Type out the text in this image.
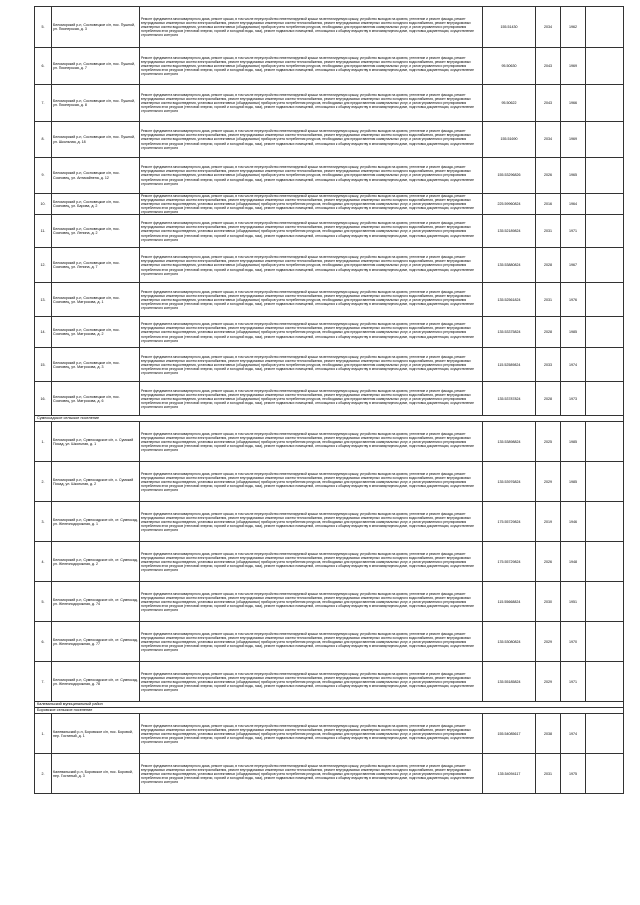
5.	Беломорский р-н, Сосновецкое с/п, пос. Пушной, ул. Пионерская, д. 3	Ремонт фундамента многоквартирного дома, ремонт крыши, в том числе переустройство невентилируемой крыши на вентилируемую крышу, устройство выходов на кровлю, утепление и ремонт фасада, ремонт внутридомовых инженерных систем электроснабжения, ремонт внутридомовых инженерных систем теплоснабжения, ремонт внутридомовых инженерных систем холодного водоснабжения, ремонт внутридомовых инженерных систем водоотведения, установка коллективных (общедомовых) приборов учета потребления ресурсов, необходимых для предоставления коммунальных услуг, и узлов управления и регулирования потребления этих ресурсов (тепловой энергии, горячей и холодной воды, газа), ремонт подвальных помещений, относящихся к общему имуществу в многоквартирном доме, подготовка документации, осуществление строительного контроля	155.51430	2034	1962	
6.	Беломорский р-н, Сосновецкое с/п, пос. Пушной, ул. Пионерская, д. 7	Ремонт фундамента многоквартирного дома, ремонт крыши, в том числе переустройство невентилируемой крыши на вентилируемую крышу, устройство выходов на кровлю, утепление и ремонт фасада, ремонт внутридомовых инженерных систем электроснабжения, ремонт внутридомовых инженерных систем теплоснабжения, ремонт внутридомовых инженерных систем холодного водоснабжения, ремонт внутридомовых инженерных систем водоотведения, установка коллективных (общедомовых) приборов учета потребления ресурсов, необходимых для предоставления коммунальных услуг, и узлов управления и регулирования потребления этих ресурсов (тепловой энергии, горячей и холодной воды, газа), ремонт подвальных помещений, относящихся к общему имуществу в многоквартирном доме, подготовка документации, осуществление строительного контроля	95.50630	2043	1969	
7.	Беломорский р-н, Сосновецкое с/п, пос. Пушной, ул. Пионерская, д. 8	Ремонт фундамента многоквартирного дома, ремонт крыши, в том числе переустройство невентилируемой крыши на вентилируемую крышу, устройство выходов на кровлю, утепление и ремонт фасада, ремонт внутридомовых инженерных систем электроснабжения, ремонт внутридомовых инженерных систем теплоснабжения, ремонт внутридомовых инженерных систем холодного водоснабжения, ремонт внутридомовых инженерных систем водоотведения, установка коллективных (общедомовых) приборов учета потребления ресурсов, необходимых для предоставления коммунальных услуг, и узлов управления и регулирования потребления этих ресурсов (тепловой энергии, горячей и холодной воды, газа), ремонт подвальных помещений, относящихся к общему имуществу в многоквартирном доме, подготовка документации, осуществление строительного контроля	95.50622	2043	1966	
8.	Беломорский р-н, Сосновецкое с/п, пос. Пушной, ул. Школьная, д. 18	Ремонт фундамента многоквартирного дома, ремонт крыши, в том числе переустройство невентилируемой крыши на вентилируемую крышу, устройство выходов на кровлю, утепление и ремонт фасада, ремонт внутридомовых инженерных систем электроснабжения, ремонт внутридомовых инженерных систем теплоснабжения, ремонт внутридомовых инженерных систем холодного водоснабжения, ремонт внутридомовых инженерных систем водоотведения, установка коллективных (общедомовых) приборов учета потребления ресурсов, необходимых для предоставления коммунальных услуг, и узлов управления и регулирования потребления этих ресурсов (тепловой энергии, горячей и холодной воды, газа), ремонт подвальных помещений, относящихся к общему имуществу в многоквартирном доме, подготовка документации, осуществление строительного контроля	155.51690	2034	1969	
9.	Беломорский р-н, Сосновецкое с/п, пос. Сосновец, ул. Антикайнена, д. 12	Ремонт фундамента многоквартирного дома, ремонт крыши, в том числе переустройство невентилируемой крыши на вентилируемую крышу, устройство выходов на кровлю, утепление и ремонт фасада, ремонт внутридомовых инженерных систем электроснабжения, ремонт внутридомовых инженерных систем теплоснабжения, ремонт внутридомовых инженерных систем холодного водоснабжения, ремонт внутридомовых инженерных систем водоотведения, установка коллективных (общедомовых) приборов учета потребления ресурсов, необходимых для предоставления коммунальных услуг, и узлов управления и регулирования потребления этих ресурсов (тепловой энергии, горячей и холодной воды, газа), ремонт подвальных помещений, относящихся к общему имуществу в многоквартирном доме, подготовка документации, осуществление строительного контроля	155.53296826	2026	1965	
10.	Беломорский р-н, Сосновецкое с/п, пос. Сосновец, ул. Барова, д. 2	Ремонт фундамента многоквартирного дома, ремонт крыши, в том числе переустройство невентилируемой крыши на вентилируемую крышу, устройство выходов на кровлю, утепление и ремонт фасада, ремонт внутридомовых инженерных систем электроснабжения, ремонт внутридомовых инженерных систем теплоснабжения, ремонт внутридомовых инженерных систем холодного водоснабжения, ремонт внутридомовых инженерных систем водоотведения, установка коллективных (общедомовых) приборов учета потребления ресурсов, необходимых для предоставления коммунальных услуг, и узлов управления и регулирования потребления этих ресурсов (тепловой энергии, горячей и холодной воды, газа), ремонт подвальных помещений, относящихся к общему имуществу в многоквартирном доме, подготовка документации, осуществление строительного контроля	225.59960824	2016	1964	
11.	Беломорский р-н, Сосновецкое с/п, пос. Сосновец, ул. Ленина, д. 2	Ремонт фундамента многоквартирного дома, ремонт крыши, в том числе переустройство невентилируемой крыши на вентилируемую крышу, устройство выходов на кровлю, утепление и ремонт фасада, ремонт внутридомовых инженерных систем электроснабжения, ремонт внутридомовых инженерных систем теплоснабжения, ремонт внутридомовых инженерных систем холодного водоснабжения, ремонт внутридомовых инженерных систем водоотведения, установка коллективных (общедомовых) приборов учета потребления ресурсов, необходимых для предоставления коммунальных услуг, и узлов управления и регулирования потребления этих ресурсов (тепловой энергии, горячей и холодной воды, газа), ремонт подвальных помещений, относящихся к общему имуществу в многоквартирном доме, подготовка документации, осуществление строительного контроля	135.52189824	2031	1971	
12.	Беломорский р-н, Сосновецкое с/п, пос. Сосновец, ул. Ленина, д. 7	Ремонт фундамента многоквартирного дома, ремонт крыши, в том числе переустройство невентилируемой крыши на вентилируемую крышу, устройство выходов на кровлю, утепление и ремонт фасада, ремонт внутридомовых инженерных систем электроснабжения, ремонт внутридомовых инженерных систем теплоснабжения, ремонт внутридомовых инженерных систем холодного водоснабжения, ремонт внутридомовых инженерных систем водоотведения, установка коллективных (общедомовых) приборов учета потребления ресурсов, необходимых для предоставления коммунальных услуг, и узлов управления и регулирования потребления этих ресурсов (тепловой энергии, горячей и холодной воды, газа), ремонт подвальных помещений, относящихся к общему имуществу в многоквартирном доме, подготовка документации, осуществление строительного контроля	135.53880824	2028	1967	
13.	Беломорский р-н, Сосновецкое с/п, пос. Сосновец, ул. Матросова, д. 1	Ремонт фундамента многоквартирного дома, ремонт крыши, в том числе переустройство невентилируемой крыши на вентилируемую крышу, устройство выходов на кровлю, утепление и ремонт фасада, ремонт внутридомовых инженерных систем электроснабжения, ремонт внутридомовых инженерных систем теплоснабжения, ремонт внутридомовых инженерных систем холодного водоснабжения, ремонт внутридомовых инженерных систем водоотведения, установка коллективных (общедомовых) приборов учета потребления ресурсов, необходимых для предоставления коммунальных услуг, и узлов управления и регулирования потребления этих ресурсов (тепловой энергии, горячей и холодной воды, газа), ремонт подвальных помещений, относящихся к общему имуществу в многоквартирном доме, подготовка документации, осуществление строительного контроля	135.52561824	2031	1976	
14.	Беломорский р-н, Сосновецкое с/п, пос. Сосновец, ул. Матросова, д. 2	Ремонт фундамента многоквартирного дома, ремонт крыши, в том числе переустройство невентилируемой крыши на вентилируемую крышу, устройство выходов на кровлю, утепление и ремонт фасада, ремонт внутридомовых инженерных систем электроснабжения, ремонт внутридомовых инженерных систем теплоснабжения, ремонт внутридомовых инженерных систем холодного водоснабжения, ремонт внутридомовых инженерных систем водоотведения, установка коллективных (общедомовых) приборов учета потребления ресурсов, необходимых для предоставления коммунальных услуг, и узлов управления и регулирования потребления этих ресурсов (тепловой энергии, горячей и холодной воды, газа), ремонт подвальных помещений, относящихся к общему имуществу в многоквартирном доме, подготовка документации, осуществление строительного контроля	135.53375824	2028	1985	
15.	Беломорский р-н, Сосновецкое с/п, пос. Сосновец, ул. Матросова, д. 3	Ремонт фундамента многоквартирного дома, ремонт крыши, в том числе переустройство невентилируемой крыши на вентилируемую крышу, устройство выходов на кровлю, утепление и ремонт фасада, ремонт внутридомовых инженерных систем электроснабжения, ремонт внутридомовых инженерных систем теплоснабжения, ремонт внутридомовых инженерных систем холодного водоснабжения, ремонт внутридомовых инженерных систем водоотведения, установка коллективных (общедомовых) приборов учета потребления ресурсов, необходимых для предоставления коммунальных услуг, и узлов управления и регулирования потребления этих ресурсов (тепловой энергии, горячей и холодной воды, газа), ремонт подвальных помещений, относящихся к общему имуществу в многоквартирном доме, подготовка документации, осуществление строительного контроля	115.52589824	2033	1974	
16.	Беломорский р-н, Сосновецкое с/п, пос. Сосновец, ул. Матросова, д. 6	Ремонт фундамента многоквартирного дома, ремонт крыши, в том числе переустройство невентилируемой крыши на вентилируемую крышу, устройство выходов на кровлю, утепление и ремонт фасада, ремонт внутридомовых инженерных систем электроснабжения, ремонт внутридомовых инженерных систем теплоснабжения, ремонт внутридомовых инженерных систем холодного водоснабжения, ремонт внутридомовых инженерных систем водоотведения, установка коллективных (общедомовых) приборов учета потребления ресурсов, необходимых для предоставления коммунальных услуг, и узлов управления и регулирования потребления этих ресурсов (тепловой энергии, горячей и холодной воды, газа), ремонт подвальных помещений, относящихся к общему имуществу в многоквартирном доме, подготовка документации, осуществление строительного контроля	135.53787824	2028	1973	
Сумпосадское сельское поселение						
1.	Беломорский р-н, Сумпосадское с/п, с. Сумский Посад, ул. Школьная, д. 1	Ремонт фундамента многоквартирного дома, ремонт крыши, в том числе переустройство невентилируемой крыши на вентилируемую крышу, устройство выходов на кровлю, утепление и ремонт фасада, ремонт внутридомовых инженерных систем электроснабжения, ремонт внутридомовых инженерных систем теплоснабжения, ремонт внутридомовых инженерных систем холодного водоснабжения, ремонт внутридомовых инженерных систем водоотведения, установка коллективных (общедомовых) приборов учета потребления ресурсов, необходимых для предоставления коммунальных услуг, и узлов управления и регулирования потребления этих ресурсов (тепловой энергии, горячей и холодной воды, газа), ремонт подвальных помещений, относящихся к общему имуществу в многоквартирном доме, подготовка документации, осуществление строительного контроля	135.53898824	2025	1985	
2.	Беломорский р-н, Сумпосадское с/п, с. Сумский Посад, ул. Школьная, д. 2	Ремонт фундамента многоквартирного дома, ремонт крыши, в том числе переустройство невентилируемой крыши на вентилируемую крышу, устройство выходов на кровлю, утепление и ремонт фасада, ремонт внутридомовых инженерных систем электроснабжения, ремонт внутридомовых инженерных систем теплоснабжения, ремонт внутридомовых инженерных систем холодного водоснабжения, ремонт внутридомовых инженерных систем водоотведения, установка коллективных (общедомовых) приборов учета потребления ресурсов, необходимых для предоставления коммунальных услуг, и узлов управления и регулирования потребления этих ресурсов (тепловой энергии, горячей и холодной воды, газа), ремонт подвальных помещений, относящихся к общему имуществу в многоквартирном доме, подготовка документации, осуществление строительного контроля	135.53976824	2029	1985	
3.	Беломорский р-н, Сумпосадское с/п, ст. Сумпосад, ул. Железнодорожная, д. 1	Ремонт фундамента многоквартирного дома, ремонт крыши, в том числе переустройство невентилируемой крыши на вентилируемую крышу, устройство выходов на кровлю, утепление и ремонт фасада, ремонт внутридомовых инженерных систем электроснабжения, ремонт внутридомовых инженерных систем теплоснабжения, ремонт внутридомовых инженерных систем холодного водоснабжения, ремонт внутридомовых инженерных систем водоотведения, установка коллективных (общедомовых) приборов учета потребления ресурсов, необходимых для предоставления коммунальных услуг, и узлов управления и регулирования потребления этих ресурсов (тепловой энергии, горячей и холодной воды, газа), ремонт подвальных помещений, относящихся к общему имуществу в многоквартирном доме, подготовка документации, осуществление строительного контроля	175.55729824	2019	1946	
4.	Беломорский р-н, Сумпосадское с/п, ст. Сумпосад, ул. Железнодорожная, д. 2	Ремонт фундамента многоквартирного дома, ремонт крыши, в том числе переустройство невентилируемой крыши на вентилируемую крышу, устройство выходов на кровлю, утепление и ремонт фасада, ремонт внутридомовых инженерных систем электроснабжения, ремонт внутридомовых инженерных систем теплоснабжения, ремонт внутридомовых инженерных систем холодного водоснабжения, ремонт внутридомовых инженерных систем водоотведения, установка коллективных (общедомовых) приборов учета потребления ресурсов, необходимых для предоставления коммунальных услуг, и узлов управления и регулирования потребления этих ресурсов (тепловой энергии, горячей и холодной воды, газа), ремонт подвальных помещений, относящихся к общему имуществу в многоквартирном доме, подготовка документации, осуществление строительного контроля	175.55729824	2026	1948	
5.	Беломорский р-н, Сумпосадское с/п, ст. Сумпосад, ул. Железнодорожная, д. 74	Ремонт фундамента многоквартирного дома, ремонт крыши, в том числе переустройство невентилируемой крыши на вентилируемую крышу, устройство выходов на кровлю, утепление и ремонт фасада, ремонт внутридомовых инженерных систем электроснабжения, ремонт внутридомовых инженерных систем теплоснабжения, ремонт внутридомовых инженерных систем холодного водоснабжения, ремонт внутридомовых инженерных систем водоотведения, установка коллективных (общедомовых) приборов учета потребления ресурсов, необходимых для предоставления коммунальных услуг, и узлов управления и регулирования потребления этих ресурсов (тепловой энергии, горячей и холодной воды, газа), ремонт подвальных помещений, относящихся к общему имуществу в многоквартирном доме, подготовка документации, осуществление строительного контроля	115.55668824	2030	1951	
6.	Беломорский р-н, Сумпосадское с/п, ст. Сумпосад, ул. Железнодорожная, д. 77	Ремонт фундамента многоквартирного дома, ремонт крыши, в том числе переустройство невентилируемой крыши на вентилируемую крышу, устройство выходов на кровлю, утепление и ремонт фасада, ремонт внутридомовых инженерных систем электроснабжения, ремонт внутридомовых инженерных систем теплоснабжения, ремонт внутридомовых инженерных систем холодного водоснабжения, ремонт внутридомовых инженерных систем водоотведения, установка коллективных (общедомовых) приборов учета потребления ресурсов, необходимых для предоставления коммунальных услуг, и узлов управления и регулирования потребления этих ресурсов (тепловой энергии, горячей и холодной воды, газа), ремонт подвальных помещений, относящихся к общему имуществу в многоквартирном доме, подготовка документации, осуществление строительного контроля	135.53080824	2029	1970	
7.	Беломорский р-н, Сумпосадское с/п, ст. Сумпосад, ул. Железнодорожная, д. 78	Ремонт фундамента многоквартирного дома, ремонт крыши, в том числе переустройство невентилируемой крыши на вентилируемую крышу, устройство выходов на кровлю, утепление и ремонт фасада, ремонт внутридомовых инженерных систем электроснабжения, ремонт внутридомовых инженерных систем теплоснабжения, ремонт внутридомовых инженерных систем холодного водоснабжения, ремонт внутридомовых инженерных систем водоотведения, установка коллективных (общедомовых) приборов учета потребления ресурсов, необходимых для предоставления коммунальных услуг, и узлов управления и регулирования потребления этих ресурсов (тепловой энергии, горячей и холодной воды, газа), ремонт подвальных помещений, относящихся к общему имуществу в многоквартирном доме, подготовка документации, осуществление строительного контроля	135.55185824	2029	1971	
Калевальский муниципальный район						
Боровское сельское поселение						
1.	Калевальский р-н, Боровское с/п, пос. Боровой, пер. Гостиный, д. 1	Ремонт фундамента многоквартирного дома, ремонт крыши, в том числе переустройство невентилируемой крыши на вентилируемую крышу, устройство выходов на кровлю, утепление и ремонт фасада, ремонт внутридомовых инженерных систем электроснабжения, ремонт внутридомовых инженерных систем теплоснабжения, ремонт внутридомовых инженерных систем холодного водоснабжения, ремонт внутридомовых инженерных систем водоотведения, установка коллективных (общедомовых) приборов учета потребления ресурсов, необходимых для предоставления коммунальных услуг, и узлов управления и регулирования потребления этих ресурсов (тепловой энергии, горячей и холодной воды, газа), ремонт подвальных помещений, относящихся к общему имуществу в многоквартирном доме, подготовка документации, осуществление строительного контроля	155.54085617	2038	1974	
2.	Калевальский р-н, Боровское с/п, пос. Боровой, пер. Гостиный, д. 3	Ремонт фундамента многоквартирного дома, ремонт крыши, в том числе переустройство невентилируемой крыши на вентилируемую крышу, устройство выходов на кровлю, утепление и ремонт фасада, ремонт внутридомовых инженерных систем электроснабжения, ремонт внутридомовых инженерных систем теплоснабжения, ремонт внутридомовых инженерных систем холодного водоснабжения, ремонт внутридомовых инженерных систем водоотведения, установка коллективных (общедомовых) приборов учета потребления ресурсов, необходимых для предоставления коммунальных услуг, и узлов управления и регулирования потребления этих ресурсов (тепловой энергии, горячей и холодной воды, газа), ремонт подвальных помещений, относящихся к общему имуществу в многоквартирном доме, подготовка документации, осуществление строительного контроля	135.54094117	2031	1975	
